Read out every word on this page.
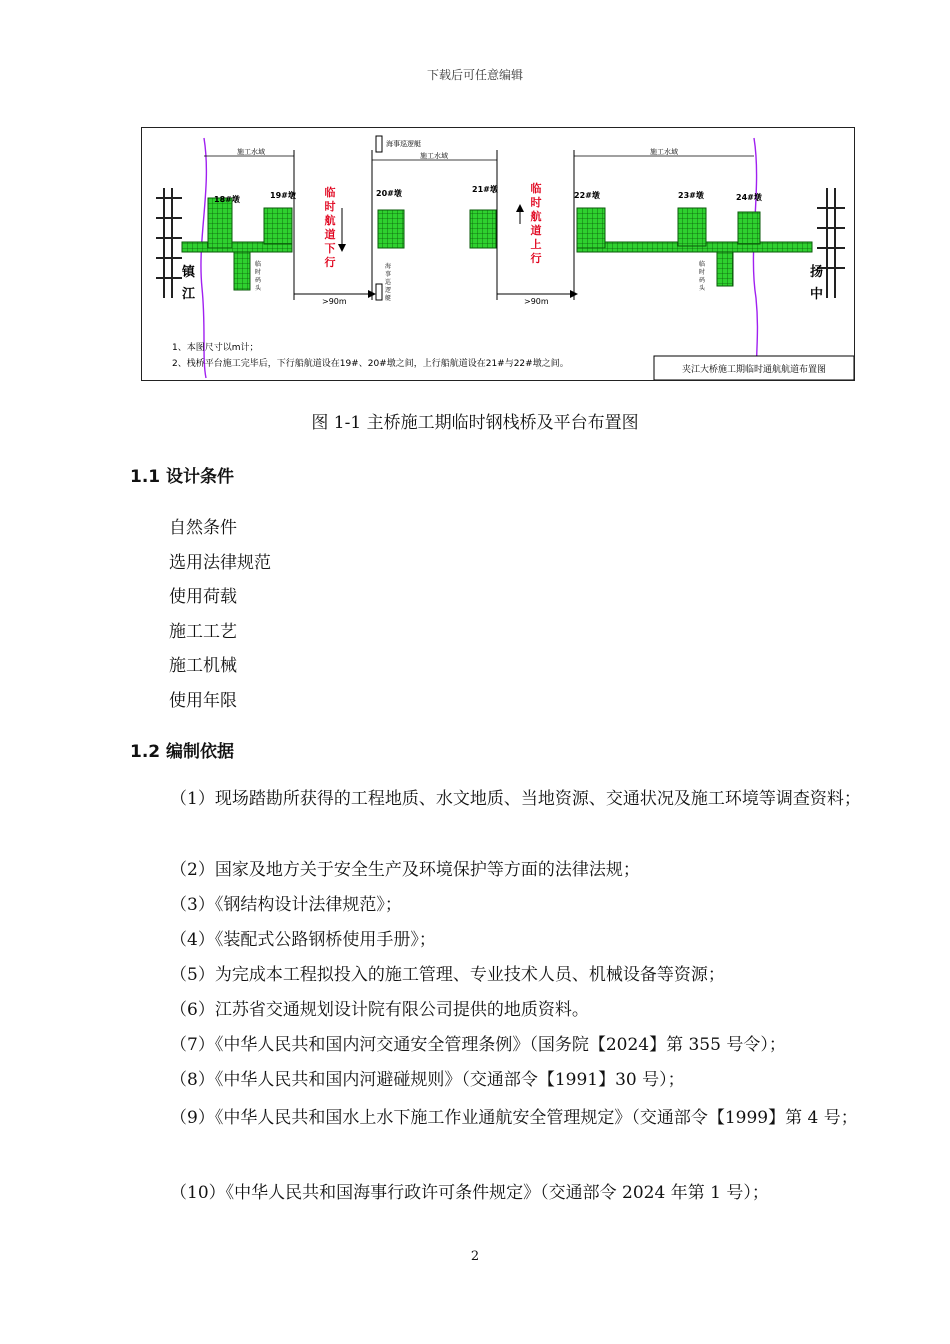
下载后可任意编辑
18#墩	19#墩	20#墩	21#墩
22#墩	23#墩	24#墩
施工水域	施工水域	施工水域
海事巡逻艇
>90m	>90m
临
时
航
道
下
行
临
时
航
道
上
行
镇
江
扬
中
临
时
码
头
临
时
码
头
海
事
巡
逻
艇
1、本图尺寸以m计；
2、栈桥平台施工完毕后，下行船航道设在19#、20#墩之间，上行船航道设在21#与22#墩之间。
夹江大桥施工期临时通航航道布置图
图 1-1 主桥施工期临时钢栈桥及平台布置图
1.1 设计条件
自然条件
选用法律规范
使用荷载
施工工艺
施工机械
使用年限
1.2 编制依据
（1）现场踏勘所获得的工程地质、水文地质、当地资源、交通状况及施工环境等调查资料；
（2）国家及地方关于安全生产及环境保护等方面的法律法规；
（3）《钢结构设计法律规范》；
（4）《装配式公路钢桥使用手册》；
（5）为完成本工程拟投入的施工管理、专业技术人员、机械设备等资源；
（6）江苏省交通规划设计院有限公司提供的地质资料。
（7）《中华人民共和国内河交通安全管理条例》（国务院【2024】第 355 号令）；
（8）《中华人民共和国内河避碰规则》（交通部令【1991】30 号）；
（9）《中华人民共和国水上水下施工作业通航安全管理规定》（交通部令【1999】第 4 号；
（10）《中华人民共和国海事行政许可条件规定》（交通部令 2024 年第 1 号）；
2
